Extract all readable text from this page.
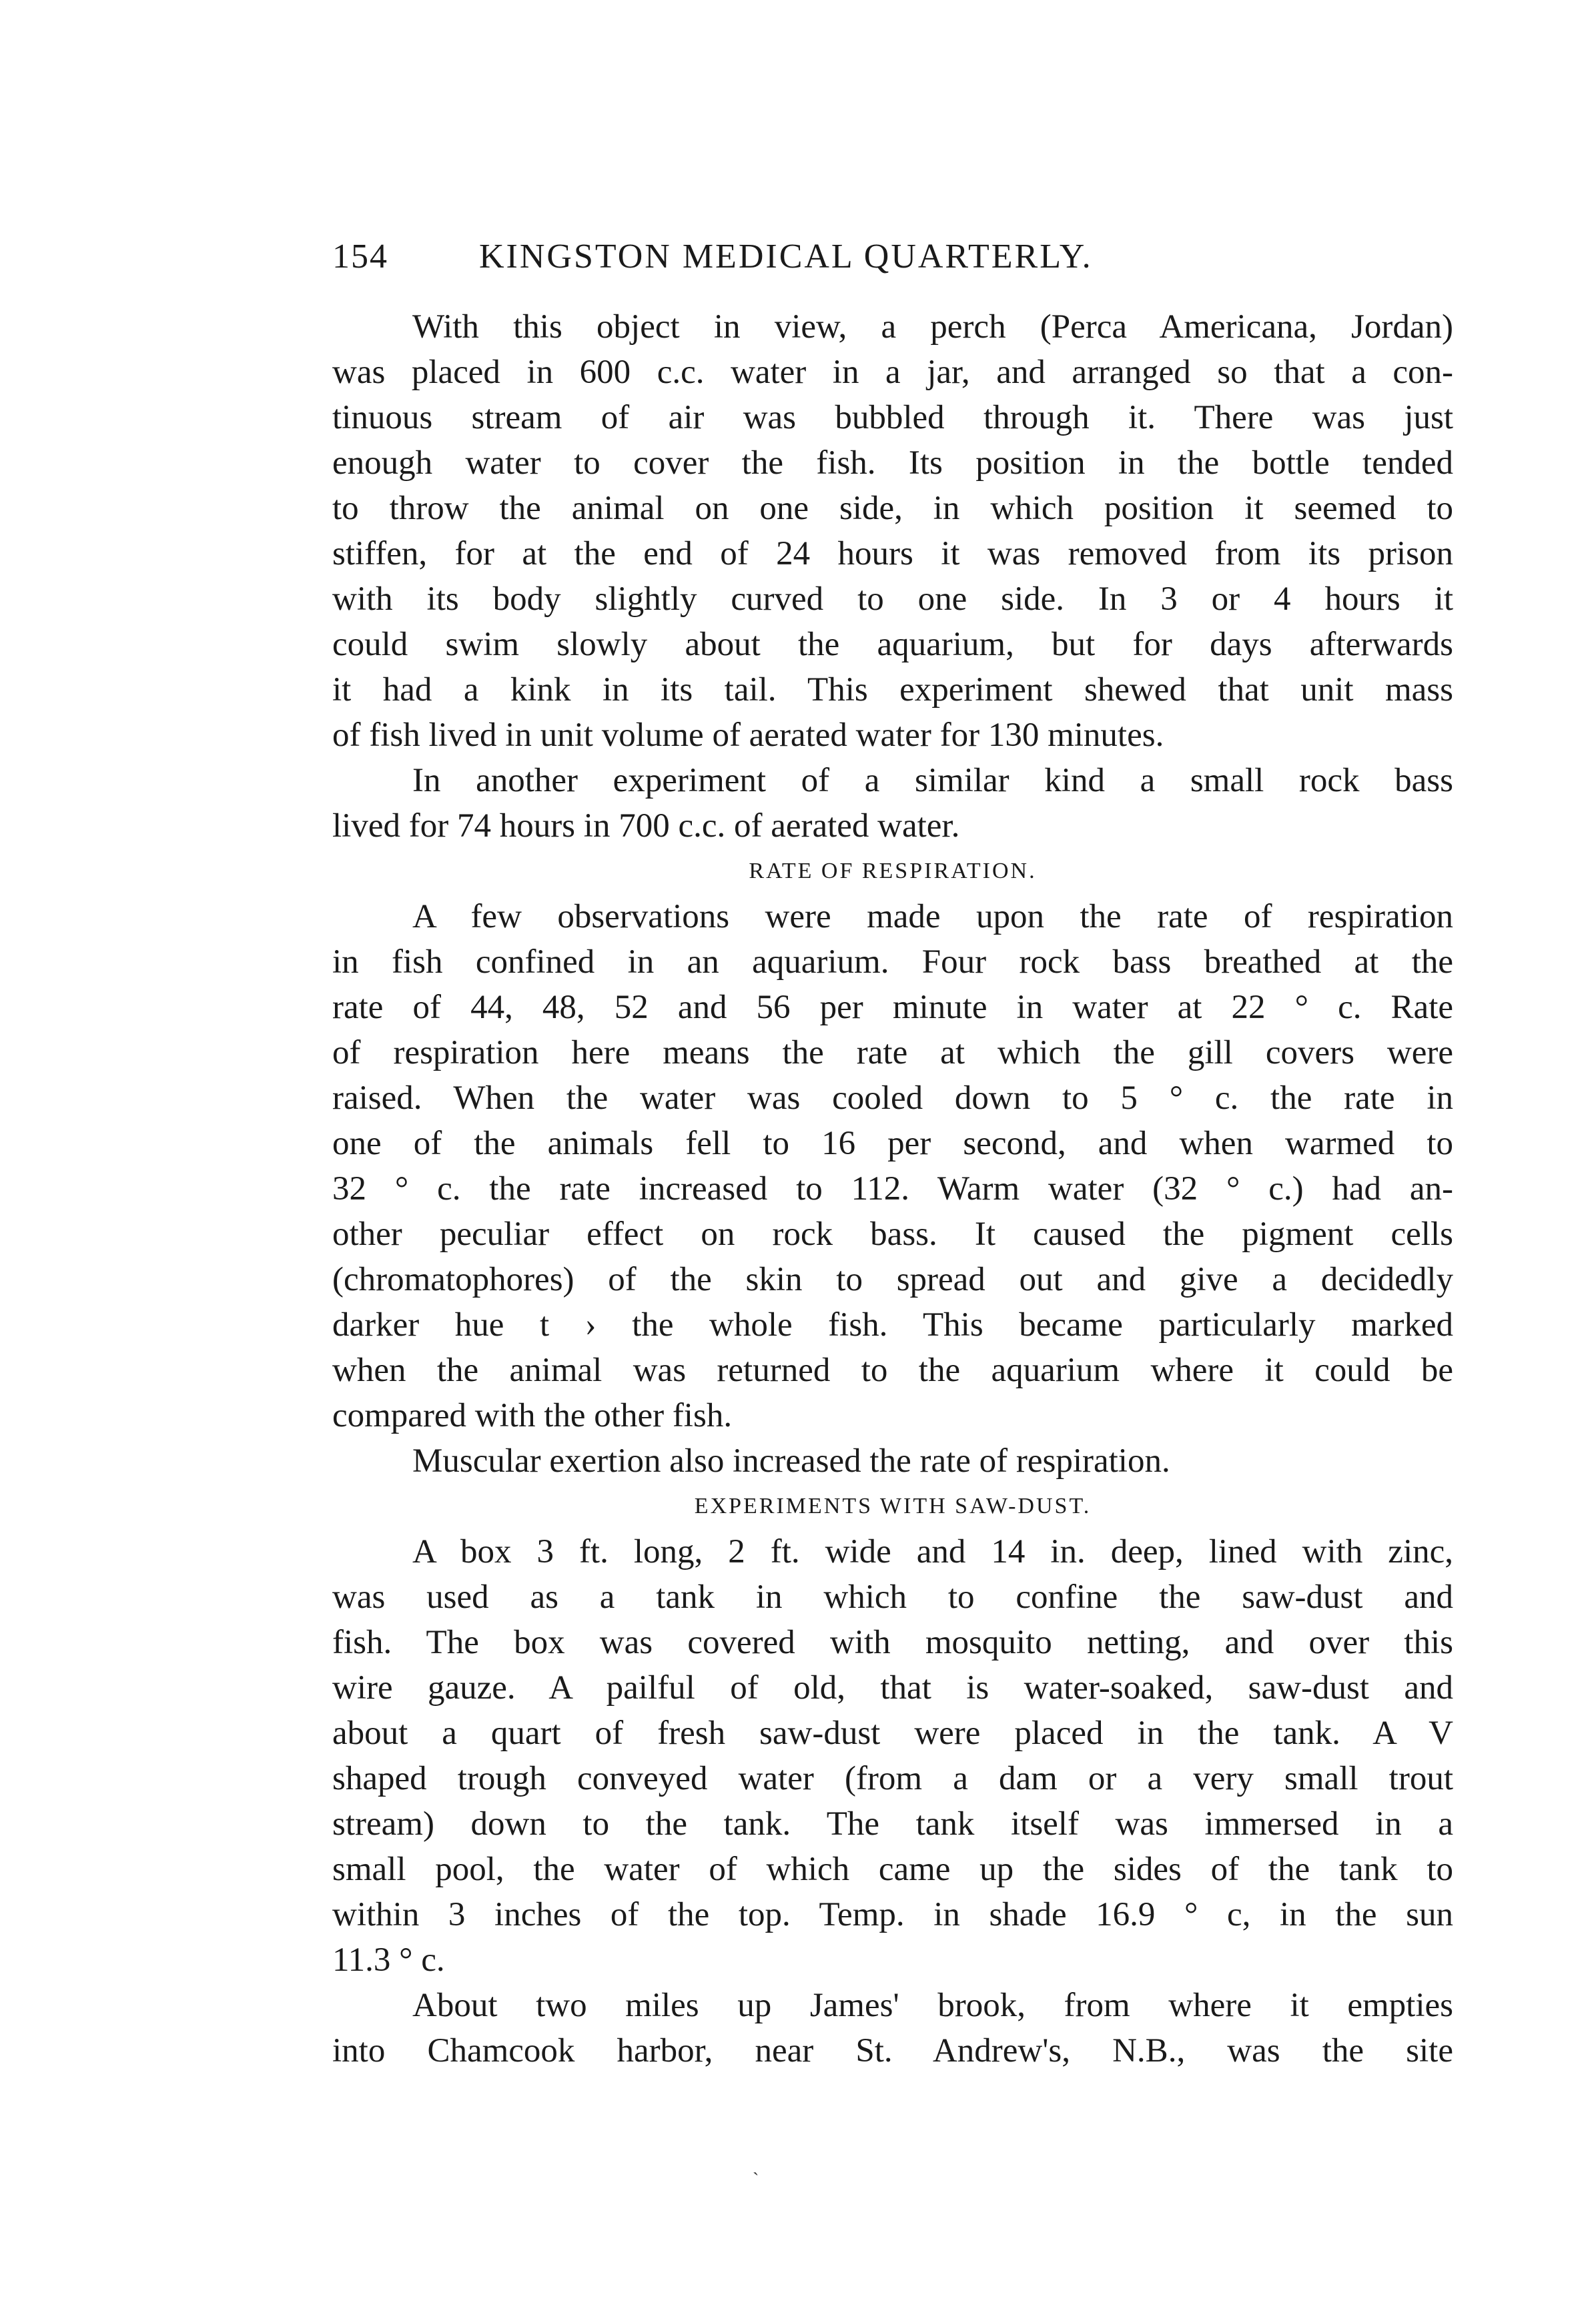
154	KINGSTON MEDICAL QUARTERLY.
With this object in view, a perch (Perca Americana, Jordan)
was placed in 600 c.c. water in a jar, and arranged so that a con-
tinuous stream of air was bubbled through it. There was just
enough water to cover the fish. Its position in the bottle tended
to throw the animal on one side, in which position it seemed to
stiffen, for at the end of 24 hours it was removed from its prison
with its body slightly curved to one side. In 3 or 4 hours it
could swim slowly about the aquarium, but for days afterwards
it had a kink in its tail. This experiment shewed that unit mass
of fish lived in unit volume of aerated water for 130 minutes.
In another experiment of a similar kind a small rock bass
lived for 74 hours in 700 c.c. of aerated water.
RATE OF RESPIRATION.
A few observations were made upon the rate of respiration
in fish confined in an aquarium. Four rock bass breathed at the
rate of 44, 48, 52 and 56 per minute in water at 22 ° c. Rate
of respiration here means the rate at which the gill covers were
raised. When the water was cooled down to 5 ° c. the rate in
one of the animals fell to 16 per second, and when warmed to
32 ° c. the rate increased to 112. Warm water (32 ° c.) had an-
other peculiar effect on rock bass. It caused the pigment cells
(chromatophores) of the skin to spread out and give a decidedly
darker hue t › the whole fish. This became particularly marked
when the animal was returned to the aquarium where it could be
compared with the other fish.
Muscular exertion also increased the rate of respiration.
EXPERIMENTS WITH SAW-DUST.
A box 3 ft. long, 2 ft. wide and 14 in. deep, lined with zinc,
was used as a tank in which to confine the saw-dust and
fish. The box was covered with mosquito netting, and over this
wire gauze. A pailful of old, that is water-soaked, saw-dust and
about a quart of fresh saw-dust were placed in the tank. A V
shaped trough conveyed water (from a dam or a very small trout
stream) down to the tank. The tank itself was immersed in a
small pool, the water of which came up the sides of the tank to
within 3 inches of the top. Temp. in shade 16.9 ° c, in the sun
11.3 ° c.
About two miles up James' brook, from where it empties
into Chamcook harbor, near St. Andrew's, N.B., was the site
`
